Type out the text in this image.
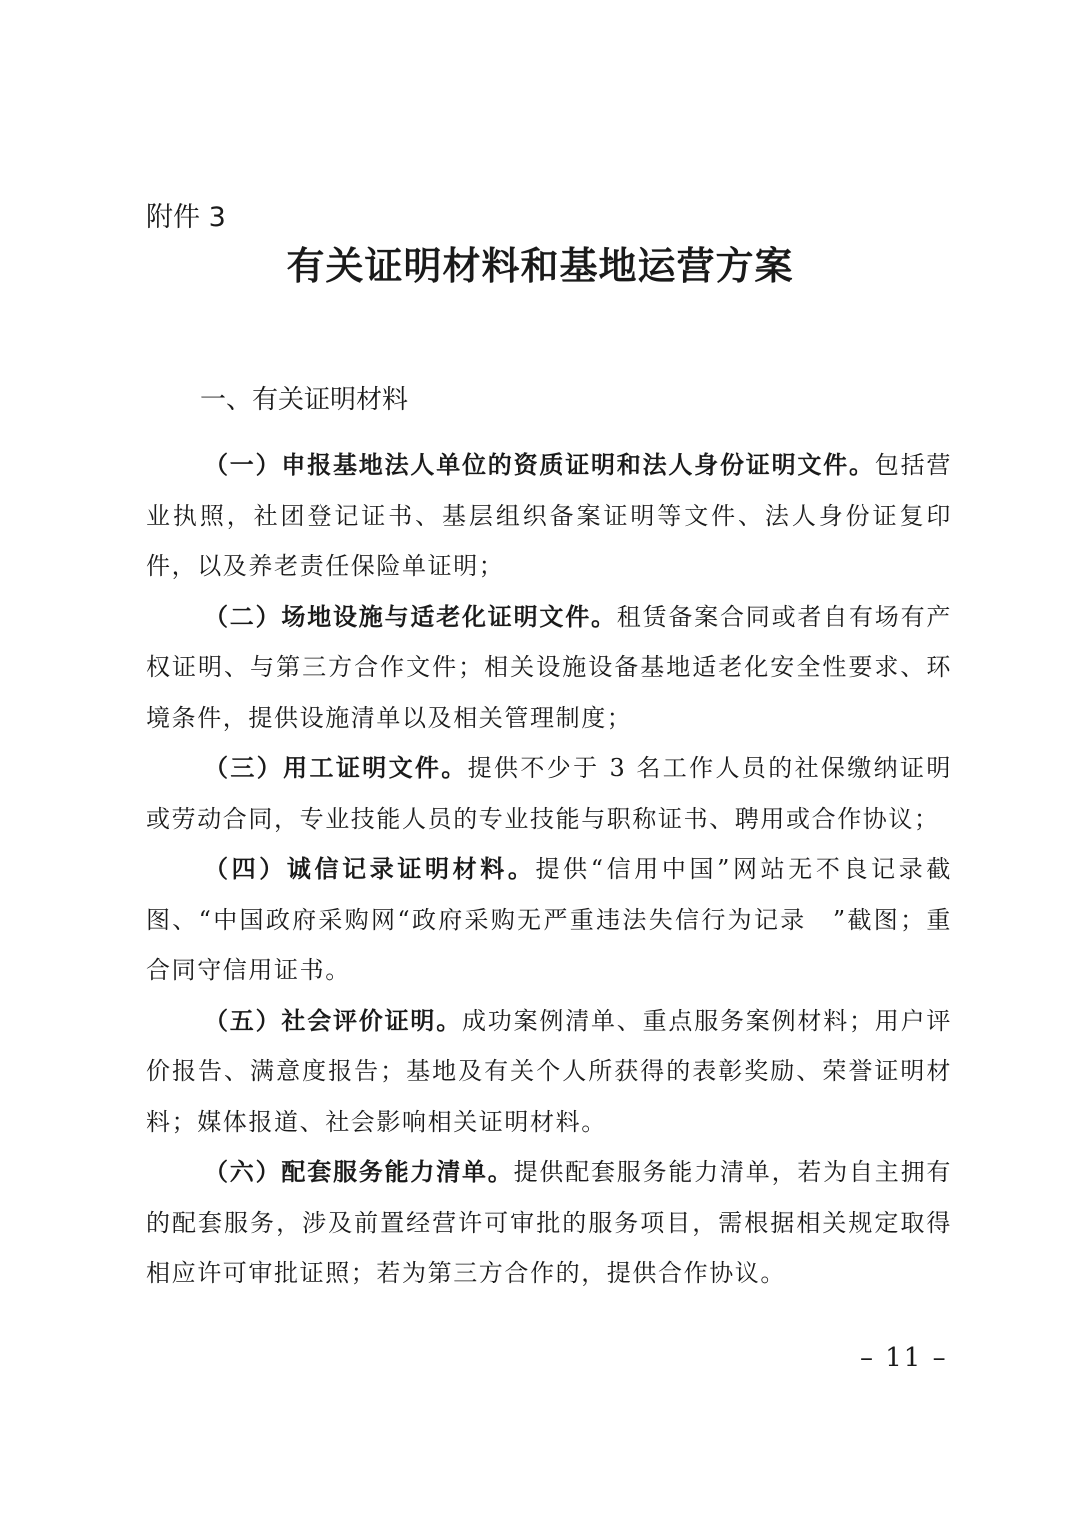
附件 3
有关证明材料和基地运营方案
一、有关证明材料

（一）申报基地法人单位的资质证明和法人身份证明文件。包括营业执照，社团登记证书、基层组织备案证明等文件、法人身份证复印件，以及养老责任保险单证明；

（二）场地设施与适老化证明文件。租赁备案合同或者自有场有产权证明、与第三方合作文件；相关设施设备基地适老化安全性要求、环境条件，提供设施清单以及相关管理制度；

（三）用工证明文件。提供不少于 3 名工作人员的社保缴纳证明或劳动合同，专业技能人员的专业技能与职称证书、聘用或合作协议；

（四）诚信记录证明材料。提供“信用中国”网站无不良记录截图、“中国政府采购网“政府采购无严重违法失信行为记录　”截图；重合同守信用证书。

（五）社会评价证明。成功案例清单、重点服务案例材料；用户评价报告、满意度报告；基地及有关个人所获得的表彰奖励、荣誉证明材料；媒体报道、社会影响相关证明材料。

（六）配套服务能力清单。提供配套服务能力清单，若为自主拥有的配套服务，涉及前置经营许可审批的服务项目，需根据相关规定取得相应许可审批证照；若为第三方合作的，提供合作协议。

– 11 –
